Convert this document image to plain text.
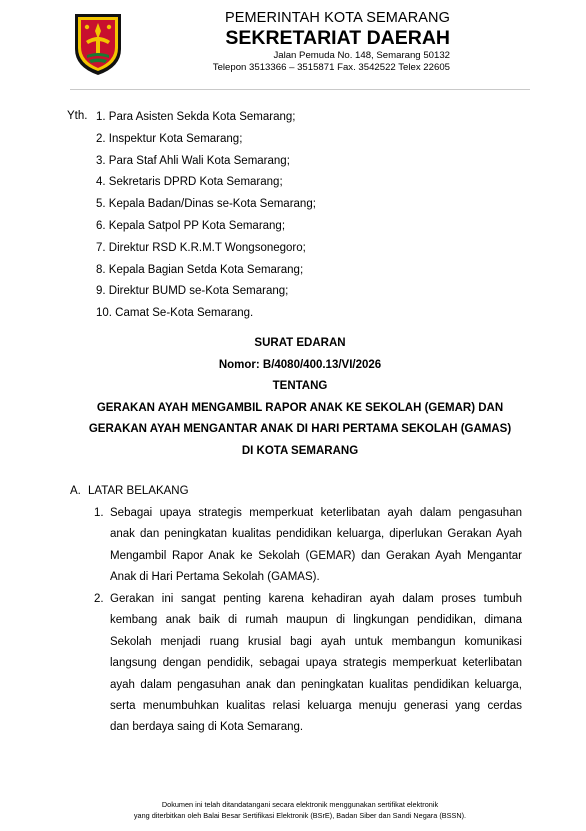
PEMERINTAH KOTA SEMARANG
SEKRETARIAT DAERAH
Jalan Pemuda No. 148, Semarang 50132
Telepon 3513366 – 3515871 Fax. 3542522 Telex 22605
Yth. 1. Para Asisten Sekda Kota Semarang;
2. Inspektur Kota Semarang;
3. Para Staf Ahli Wali Kota Semarang;
4. Sekretaris DPRD Kota Semarang;
5. Kepala Badan/Dinas se-Kota Semarang;
6. Kepala Satpol PP Kota Semarang;
7. Direktur RSD K.R.M.T Wongsonegoro;
8. Kepala Bagian Setda Kota Semarang;
9. Direktur BUMD se-Kota Semarang;
10. Camat Se-Kota Semarang.
SURAT EDARAN
Nomor: B/4080/400.13/VI/2026
TENTANG
GERAKAN AYAH MENGAMBIL RAPOR ANAK KE SEKOLAH (GEMAR) DAN
GERAKAN AYAH MENGANTAR ANAK DI HARI PERTAMA SEKOLAH (GAMAS)
DI KOTA SEMARANG
A. LATAR BELAKANG
1. Sebagai upaya strategis memperkuat keterlibatan ayah dalam pengasuhan
anak dan peningkatan kualitas pendidikan keluarga, diperlukan Gerakan Ayah
Mengambil Rapor Anak ke Sekolah (GEMAR) dan Gerakan Ayah Mengantar
Anak di Hari Pertama Sekolah (GAMAS).
2. Gerakan ini sangat penting karena kehadiran ayah dalam proses tumbuh
kembang anak baik di rumah maupun di lingkungan pendidikan, dimana
Sekolah menjadi ruang krusial bagi ayah untuk membangun komunikasi
langsung dengan pendidik, sebagai upaya strategis memperkuat keterlibatan
ayah dalam pengasuhan anak dan peningkatan kualitas pendidikan keluarga,
serta menumbuhkan kualitas relasi keluarga menuju generasi yang cerdas
dan berdaya saing di Kota Semarang.
Dokumen ini telah ditandatangani secara elektronik menggunakan sertifikat elektronik
yang diterbitkan oleh Balai Besar Sertifikasi Elektronik (BSrE), Badan Siber dan Sandi Negara (BSSN).
